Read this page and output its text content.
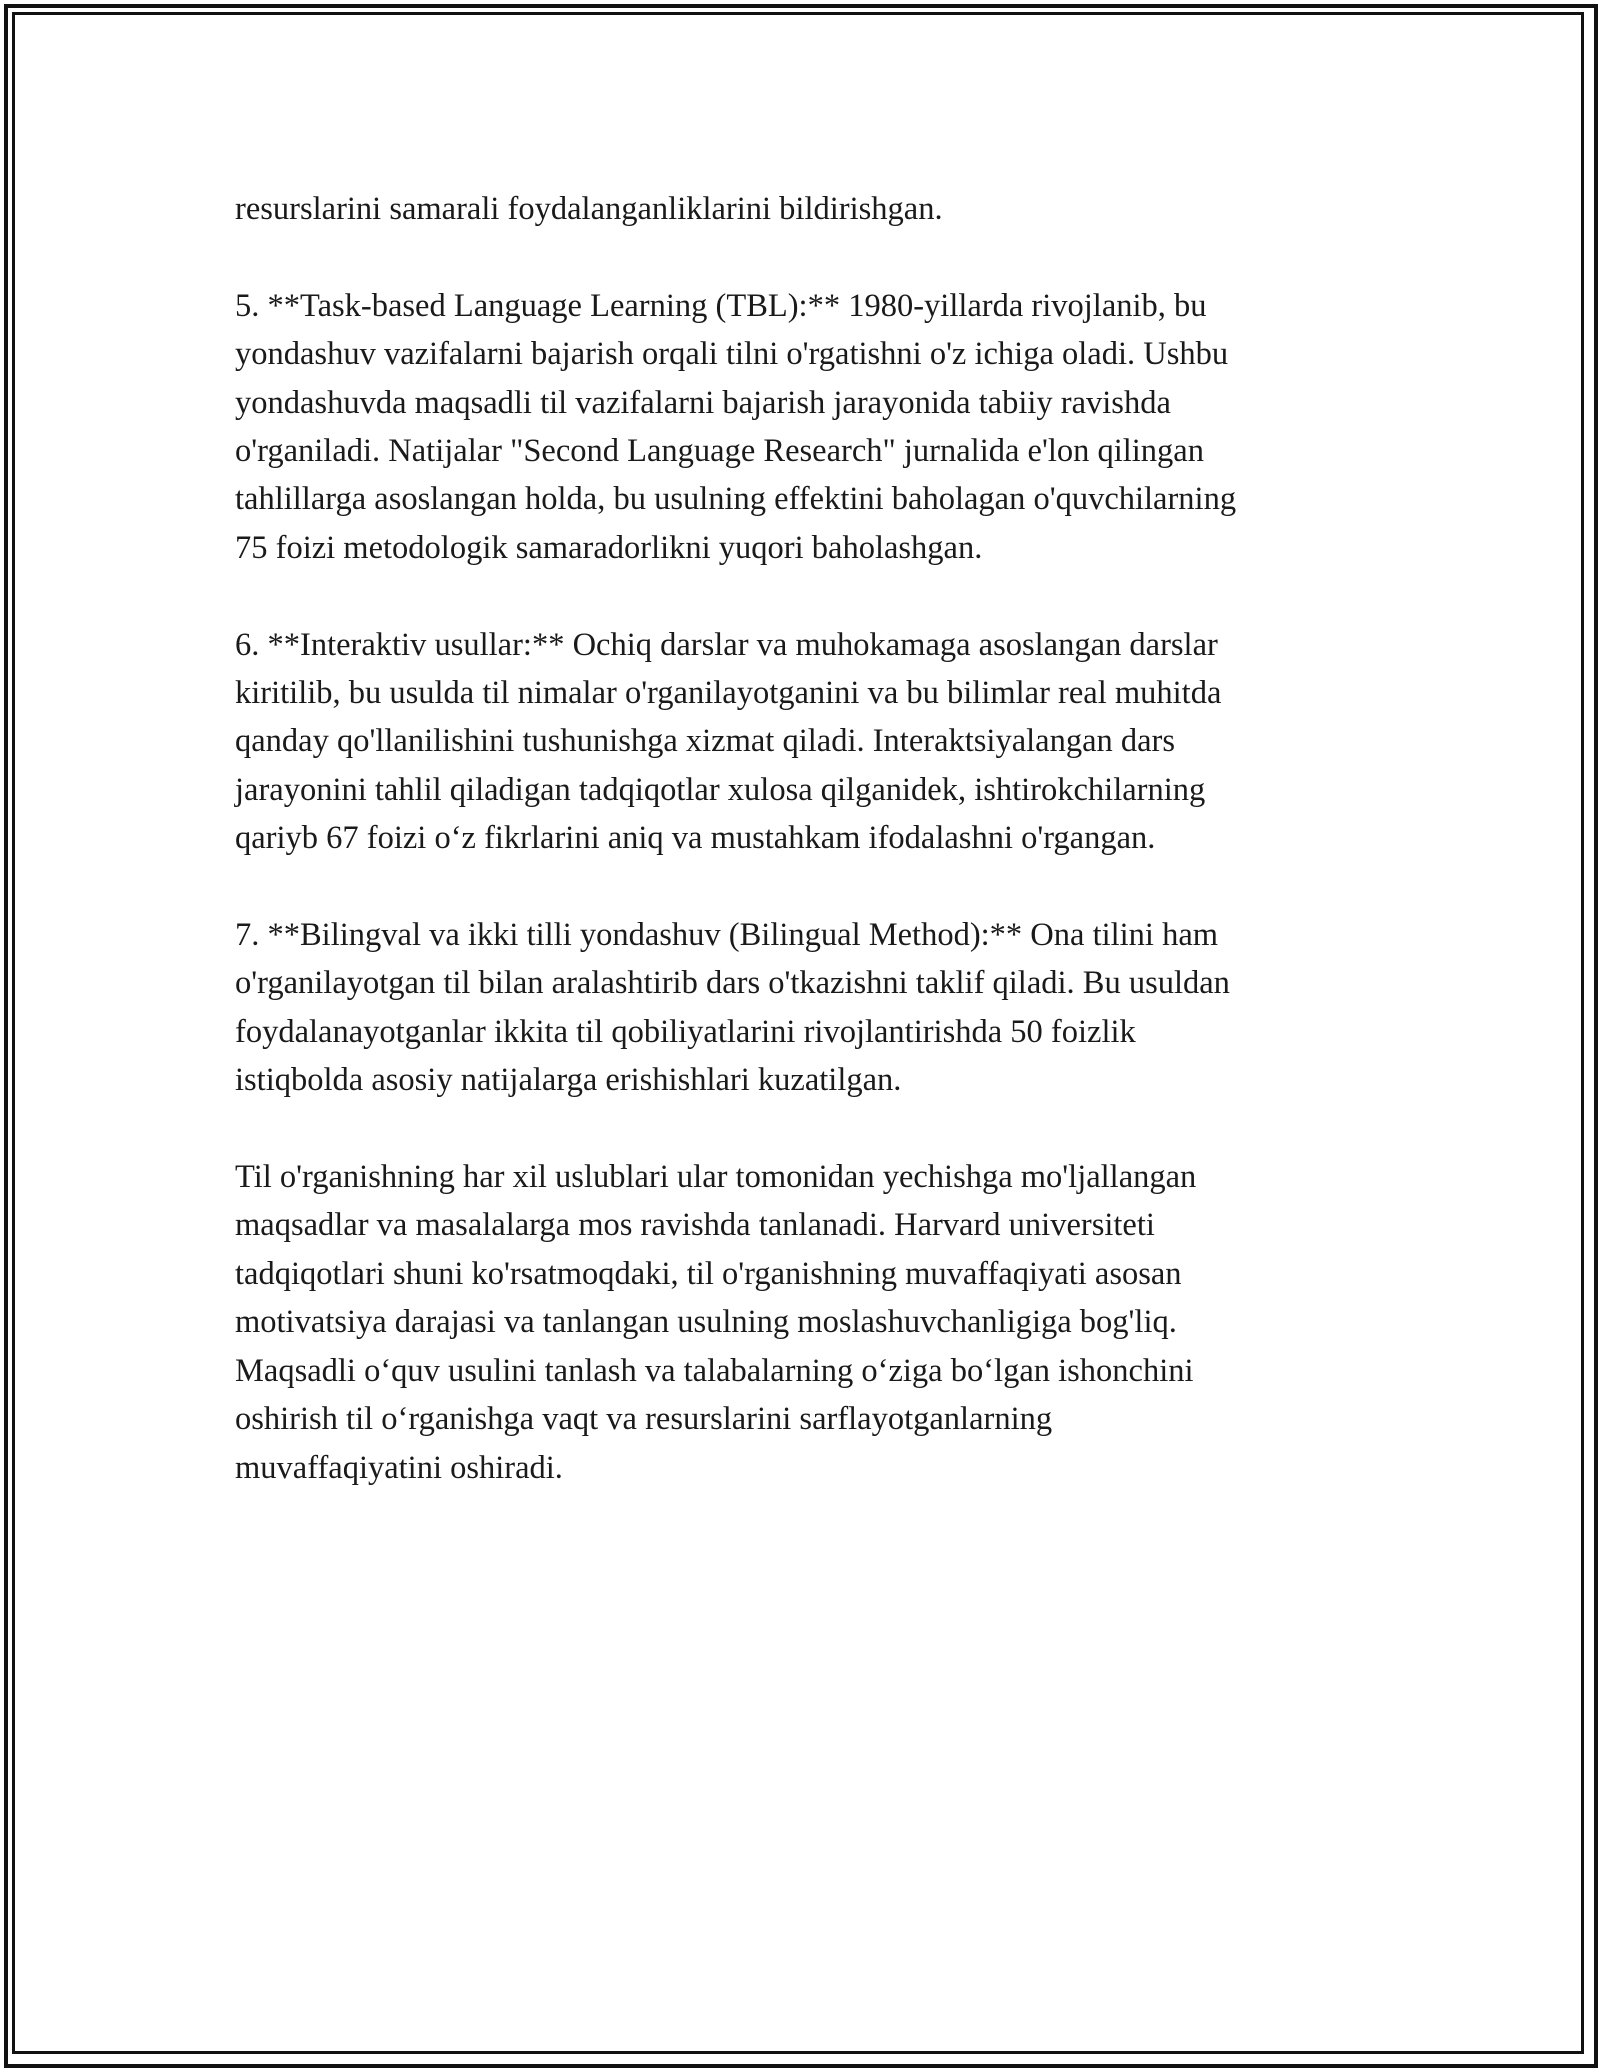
resurslarini samarali foydalanganliklarini bildirishgan.

5. **Task-based Language Learning (TBL):** 1980-yillarda rivojlanib, bu
yondashuv vazifalarni bajarish orqali tilni o'rgatishni o'z ichiga oladi. Ushbu
yondashuvda maqsadli til vazifalarni bajarish jarayonida tabiiy ravishda
o'rganiladi. Natijalar "Second Language Research" jurnalida e'lon qilingan
tahlillarga asoslangan holda, bu usulning effektini baholagan o'quvchilarning
75 foizi metodologik samaradorlikni yuqori baholashgan.

6. **Interaktiv usullar:** Ochiq darslar va muhokamaga asoslangan darslar
kiritilib, bu usulda til nimalar o'rganilayotganini va bu bilimlar real muhitda
qanday qo'llanilishini tushunishga xizmat qiladi. Interaktsiyalangan dars
jarayonini tahlil qiladigan tadqiqotlar xulosa qilganidek, ishtirokchilarning
qariyb 67 foizi o‘z fikrlarini aniq va mustahkam ifodalashni o'rgangan.

7. **Bilingval va ikki tilli yondashuv (Bilingual Method):** Ona tilini ham
o'rganilayotgan til bilan aralashtirib dars o'tkazishni taklif qiladi. Bu usuldan
foydalanayotganlar ikkita til qobiliyatlarini rivojlantirishda 50 foizlik
istiqbolda asosiy natijalarga erishishlari kuzatilgan.

Til o'rganishning har xil uslublari ular tomonidan yechishga mo'ljallangan
maqsadlar va masalalarga mos ravishda tanlanadi. Harvard universiteti
tadqiqotlari shuni ko'rsatmoqdaki, til o'rganishning muvaffaqiyati asosan
motivatsiya darajasi va tanlangan usulning moslashuvchanligiga bog'liq.
Maqsadli o‘quv usulini tanlash va talabalarning o‘ziga bo‘lgan ishonchini
oshirish til o‘rganishga vaqt va resurslarini sarflayotganlarning
muvaffaqiyatini oshiradi.
